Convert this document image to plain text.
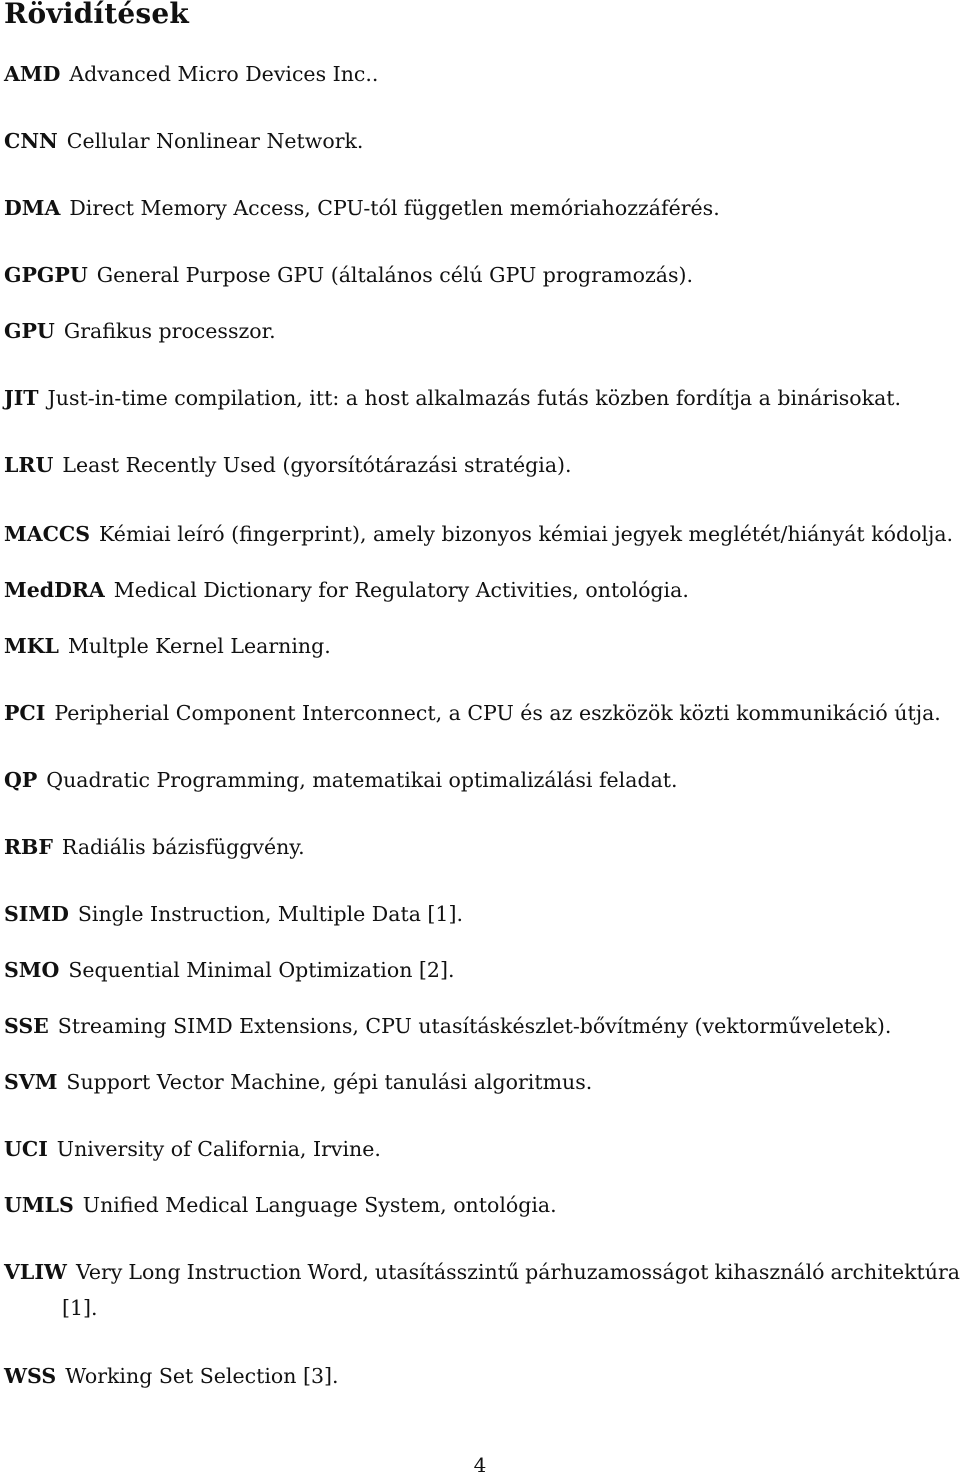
Rövidítések
AMD Advanced Micro Devices Inc..
CNN Cellular Nonlinear Network.
DMA Direct Memory Access, CPU-tól független memóriahozzáférés.
GPGPU General Purpose GPU (általános célú GPU programozás).
GPU Grafikus processzor.
JIT Just-in-time compilation, itt: a host alkalmazás futás közben fordítja a binárisokat.
LRU Least Recently Used (gyorsítótárazási stratégia).
MACCS Kémiai leíró (fingerprint), amely bizonyos kémiai jegyek meglétét/hiányát kódolja.
MedDRA Medical Dictionary for Regulatory Activities, ontológia.
MKL Multple Kernel Learning.
PCI Peripherial Component Interconnect, a CPU és az eszközök közti kommunikáció útja.
QP Quadratic Programming, matematikai optimalizálási feladat.
RBF Radiális bázisfüggvény.
SIMD Single Instruction, Multiple Data [1].
SMO Sequential Minimal Optimization [2].
SSE Streaming SIMD Extensions, CPU utasításkészlet-bővítmény (vektorműveletek).
SVM Support Vector Machine, gépi tanulási algoritmus.
UCI University of California, Irvine.
UMLS Unified Medical Language System, ontológia.
VLIW Very Long Instruction Word, utasításszintű párhuzamosságot kihasználó architektúra
[1].
WSS Working Set Selection [3].
4
